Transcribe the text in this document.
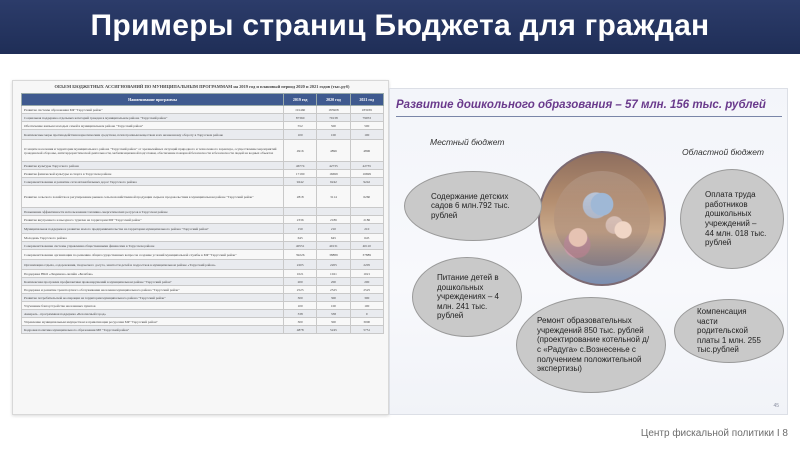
Примеры страниц Бюджета для граждан
ОБЪЕМ БЮДЖЕТНЫХ АССИГНОВАНИЙ ПО МУНИЦИПАЛЬНЫМ ПРОГРАММАМ на 2019 год и плановый период 2020 и 2021 годов (тыс.руб)
Наименование программы	2019 год	2020 год	2021 год
Развитие системы образования МР "Тарусский район"	191460	183908	183939
Социальная поддержка отдельных категорий граждан в муниципальном районе "Тарусский район"	87360	79138	79053
Обеспечение жильем молодых семей в муниципальном районе "Тарусский район"	552	500	500
Комплексные меры противодействия наркотическим средствам, психотропным веществам и их незаконному обороту в Тарусском районе	100	100	100
О защите населения и территории муниципального района "Тарусский район" от чрезвычайных ситуаций природного и техногенного характера, осуществление мероприятий гражданской обороны, антитеррористической деятельности, мобилизационной подготовки, обеспечение пожарной безопасности и безопасности людей на водных объектах	4916	4896	4896
Развитие культуры Тарусского района	46774	42735	42735
Развитие физической культуры и спорта в Тарусском районе	17190	16699	16699
Совершенствование и развитие сети автомобильных дорог Тарусского района	9242	9242	9242
Развитие сельского хозяйства и регулирование рынков сельскохозяйственной продукции сырья и продовольствия в муниципальном районе "Тарусский район"	2818	3114	6260
Повышение эффективности использования топливно-энергетических ресурсов в Тарусском районе			
Развитие внутреннего и въездного туризма на территории МР "Тарусский район"	2336	2186	2186
Муниципальная поддержка и развитие малого предпринимательства на территории муниципального района "Тарусский район"	150	210	210
Молодежь Тарусского района	645	645	645
Совершенствование системы управления общественными финансами в Тарусском районе	40551	40131	40110
Совершенствование организации по решению общегосударственных вопросов создание условий муниципальной службы в МР "Тарусский район"	39226	38889	37889
Организация отдыха, оздоровления, творческого досуга, занятости детей и подростков в муниципальном районе «Тарусский район»	2205	2205	2205
Поддержка НКО «Людиново-онлайн «Балабан»	1021	1021	1021
Комплексная программа профилактики правонарушений в муниципальном районе "Тарусский район"	200	200	200
Поддержка и развитие транспортного обслуживания населения муниципального района "Тарусский район"	2525	2525	2525
Развитие потребительской кооперации на территории муниципального района "Тарусский район"	300	300	300
Улучшение благоустройства населенных пунктов	100	100	100
Акварель - программная поддержка «Безопасный город»	338	338	0
Управление муниципальным имуществом и приватизация ресурсами МР "Тарусский район"	300	300	3000
Кадровая политика муниципального образования МР "Тарусский район"	4878	5245	5751
Развитие дошкольного образования – 57 млн. 156 тыс. рублей
Местный бюджет
Областной бюджет
Содержание детских садов 6 млн.792 тыс. рублей
Питание детей в дошкольных учреждениях – 4 млн. 241 тыс. рублей
Оплата труда работников дошкольных учреждений – 44 млн. 018 тыс. рублей
Компенсация части родительской платы 1 млн. 255 тыс.рублей
Ремонт образовательных учреждений 850 тыс. рублей (проектирование котельной д/с «Радуга» с.Вознесенье с получением положительной экспертизы)
45
Центр фискальной политики I 8
